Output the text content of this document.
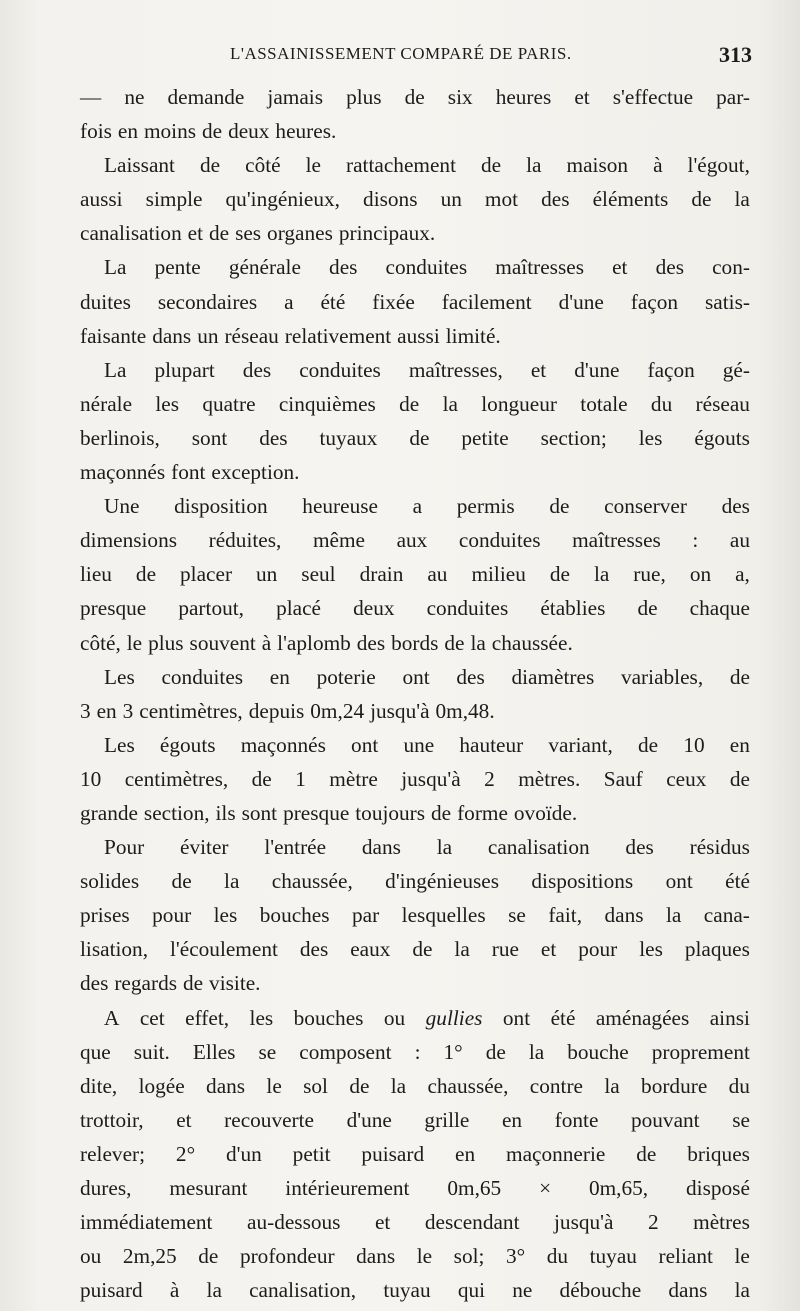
L'ASSAINISSEMENT COMPARÉ DE PARIS.	313
— ne demande jamais plus de six heures et s'effectue par-
fois en moins de deux heures.
Laissant de côté le rattachement de la maison à l'égout,
aussi simple qu'ingénieux, disons un mot des éléments de la
canalisation et de ses organes principaux.
La pente générale des conduites maîtresses et des con-
duites secondaires a été fixée facilement d'une façon satis-
faisante dans un réseau relativement aussi limité.
La plupart des conduites maîtresses, et d'une façon gé-
nérale les quatre cinquièmes de la longueur totale du réseau
berlinois, sont des tuyaux de petite section; les égouts
maçonnés font exception.
Une disposition heureuse a permis de conserver des
dimensions réduites, même aux conduites maîtresses : au
lieu de placer un seul drain au milieu de la rue, on a,
presque partout, placé deux conduites établies de chaque
côté, le plus souvent à l'aplomb des bords de la chaussée.
Les conduites en poterie ont des diamètres variables, de
3 en 3 centimètres, depuis 0m,24 jusqu'à 0m,48.
Les égouts maçonnés ont une hauteur variant, de 10 en
10 centimètres, de 1 mètre jusqu'à 2 mètres. Sauf ceux de
grande section, ils sont presque toujours de forme ovoïde.
Pour éviter l'entrée dans la canalisation des résidus
solides de la chaussée, d'ingénieuses dispositions ont été
prises pour les bouches par lesquelles se fait, dans la cana-
lisation, l'écoulement des eaux de la rue et pour les plaques
des regards de visite.
A cet effet, les bouches ou gullies ont été aménagées ainsi
que suit. Elles se composent : 1° de la bouche proprement
dite, logée dans le sol de la chaussée, contre la bordure du
trottoir, et recouverte d'une grille en fonte pouvant se
relever; 2° d'un petit puisard en maçonnerie de briques
dures, mesurant intérieurement 0m,65 × 0m,65, disposé
immédiatement au-dessous et descendant jusqu'à 2 mètres
ou 2m,25 de profondeur dans le sol; 3° du tuyau reliant le
puisard à la canalisation, tuyau qui ne débouche dans la
